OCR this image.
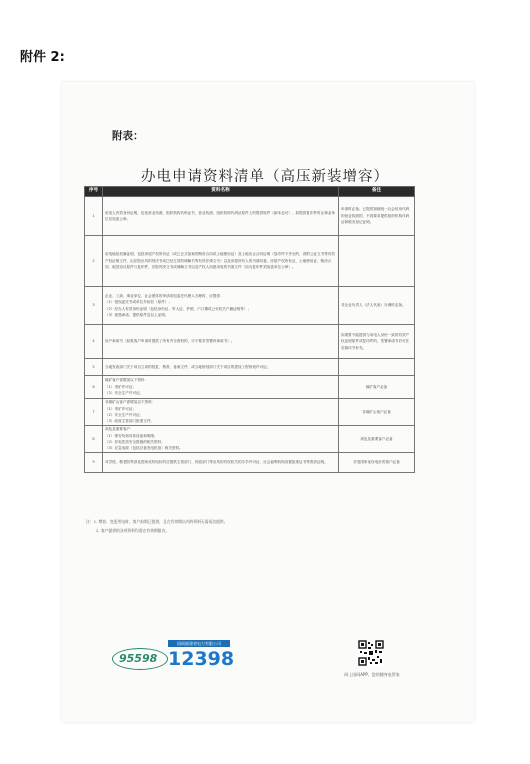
附件 2:
附表：
办电申请资料清单（高压新装增容）
序号	资料名称	备注
1	用电人有效身份证明，包括营业执照、组织机构代码证书、营业执照、组织机构代码证原件上的提供原件（副本也可），如提供复印件时企事业单位应加盖公章。	申请时必备。已提供加载统一社会信用代码的营业执照的，不再要求提供组织机构代码证和税务登记证明。
2	用电地址权属证明，包括房屋产权所有证（或已正式备案的购房合同或土地使用证）及土地出让合同证明（复印件不齐全的，须附公证文书等有效产权证明文件，由法院出具的判决书或已经生效的调解书等有效法律文书）以及房屋所有人的书面同意。房屋产权所有证、土地使用证、购房合同、租赁协议原件与复印件，法院判决文书或调解文书以及产权人同意用电的书面文件（如为复印件须加盖单位公章）。	
3	企业、工商、事业单位、社会团体的申请用电委托代理人办理时，应提供：
（1）授权委托书或单位介绍信（原件）；
（2）经办人有效身份证明（包括身份证、军人证、护照、户口簿或公安机关户籍证明等）；
（3）意愿承诺，提供原件及以上证明。	非企业负责人（法人代表）办理时必备。
4	用户承诺书（如果客户申请时提供了所有齐全资料的，可不要求签署该承诺书）。	如果暂不能提供与用电人身份一致的有效产权证明原件或复印件的，签署承诺书后可在后续环节补充。
5	当地发改部门关于项目立项的批复、核准、备案文件，或当地规划部门关于项目的建设工程规划许可证。	
6	煤矿客户需增加以下资料：
（1）采矿许可证；
（2）安全生产许可证。	煤矿客户必备
7	非煤矿山客户需增加以下资料：
（1）采矿许可证；
（2）安全生产许可证；
（3）政府主管部门批准文件。	非煤矿山客户必备
8	高危及重要客户：
（1）保安负荷具体设备和明细；
（2）非电性质安全措施的相关资料；
（3）应急电源（包括自备发电机组）相关资料。	高危及重要客户必备
9	对学校、敬老院等涉及国家优待电价的应提供主管部门、民政部门等出具的有权机关的办学许可证、社会福利机构设置批准证书等资质证明。	享受国家优待电价的客户必备
注：1. 增容、变更用电时，客户前期已提供，且在有效期以内的资料无需再次提供。
2. 客户提供的各项资料均需在有效期限内。
95598
国网福建省电力有限公司
12398
网上国网APP，您的随身电管家
